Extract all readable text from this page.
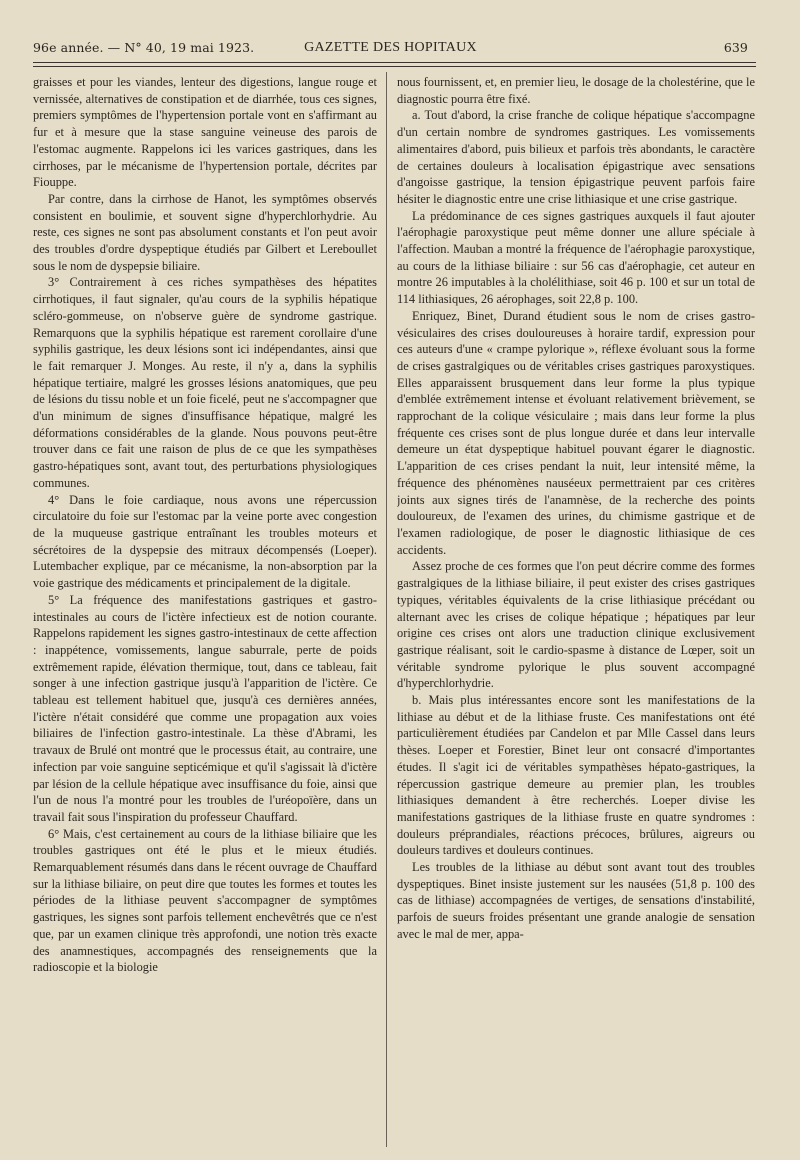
96e année. — N° 40, 19 mai 1923.	GAZETTE DES HOPITAUX	639

graisses et pour les viandes, lenteur des digestions, langue rouge et vernissée, alternatives de constipation et de diarrhée, tous ces signes, premiers symptômes de l'hypertension portale vont en s'affirmant au fur et à mesure que la stase sanguine veineuse des parois de l'estomac augmente. Rappelons ici les varices gastriques, dans les cirrhoses, par le mécanisme de l'hypertension portale, décrites par Fiouppe.

Par contre, dans la cirrhose de Hanot, les symptômes observés consistent en boulimie, et souvent signe d'hyperchlorhydrie. Au reste, ces signes ne sont pas absolument constants et l'on peut avoir des troubles d'ordre dyspeptique étudiés par Gilbert et Lereboullet sous le nom de dyspepsie biliaire.

3° Contrairement à ces riches sympathèses des hépatites cirrhotiques, il faut signaler, qu'au cours de la syphilis hépatique scléro-gommeuse, on n'observe guère de syndrome gastrique. Remarquons que la syphilis hépatique est rarement corollaire d'une syphilis gastrique, les deux lésions sont ici indépendantes, ainsi que le fait remarquer J. Monges. Au reste, il n'y a, dans la syphilis hépatique tertiaire, malgré les grosses lésions anatomiques, que peu de lésions du tissu noble et un foie ficelé, peut ne s'accompagner que d'un minimum de signes d'insuffisance hépatique, malgré les déformations considérables de la glande. Nous pouvons peut-être trouver dans ce fait une raison de plus de ce que les sympathèses gastro-hépatiques sont, avant tout, des perturbations physiologiques communes.

4° Dans le foie cardiaque, nous avons une répercussion circulatoire du foie sur l'estomac par la veine porte avec congestion de la muqueuse gastrique entraînant les troubles moteurs et sécrétoires de la dyspepsie des mitraux décompensés (Loeper). Lutembacher explique, par ce mécanisme, la non-absorption par la voie gastrique des médicaments et principalement de la digitale.

5° La fréquence des manifestations gastriques et gastro-intestinales au cours de l'ictère infectieux est de notion courante. Rappelons rapidement les signes gastro-intestinaux de cette affection : inappétence, vomissements, langue saburrale, perte de poids extrêmement rapide, élévation thermique, tout, dans ce tableau, fait songer à une infection gastrique jusqu'à l'apparition de l'ictère. Ce tableau est tellement habituel que, jusqu'à ces dernières années, l'ictère n'était considéré que comme une propagation aux voies biliaires de l'infection gastro-intestinale. La thèse d'Abrami, les travaux de Brulé ont montré que le processus était, au contraire, une infection par voie sanguine septicémique et qu'il s'agissait là d'ictère par lésion de la cellule hépatique avec insuffisance du foie, ainsi que l'un de nous l'a montré pour les troubles de l'uréopoïère, dans un travail fait sous l'inspiration du professeur Chauffard.

6° Mais, c'est certainement au cours de la lithiase biliaire que les troubles gastriques ont été le plus et le mieux étudiés. Remarquablement résumés dans dans le récent ouvrage de Chauffard sur la lithiase biliaire, on peut dire que toutes les formes et toutes les périodes de la lithiase peuvent s'accompagner de symptômes gastriques, les signes sont parfois tellement enchevêtrés que ce n'est que, par un examen clinique très approfondi, une notion très exacte des anamnestiques, accompagnés des renseignements que la radioscopie et la biologie

nous fournissent, et, en premier lieu, le dosage de la cholestérine, que le diagnostic pourra être fixé.

a. Tout d'abord, la crise franche de colique hépatique s'accompagne d'un certain nombre de syndromes gastriques. Les vomissements alimentaires d'abord, puis bilieux et parfois très abondants, le caractère de certaines douleurs à localisation épigastrique avec sensations d'angoisse gastrique, la tension épigastrique peuvent parfois faire hésiter le diagnostic entre une crise lithiasique et une crise gastrique.

La prédominance de ces signes gastriques auxquels il faut ajouter l'aérophagie paroxystique peut même donner une allure spéciale à l'affection. Mauban a montré la fréquence de l'aérophagie paroxystique, au cours de la lithiase biliaire : sur 56 cas d'aérophagie, cet auteur en montre 26 imputables à la cholélithiase, soit 46 p. 100 et sur un total de 114 lithiasiques, 26 aérophages, soit 22,8 p. 100.

Enriquez, Binet, Durand étudient sous le nom de crises gastro-vésiculaires des crises douloureuses à horaire tardif, expression pour ces auteurs d'une « crampe pylorique », réflexe évoluant sous la forme de crises gastralgiques ou de véritables crises gastriques paroxystiques. Elles apparaissent brusquement dans leur forme la plus typique d'emblée extrêmement intense et évoluant relativement brièvement, se rapprochant de la colique vésiculaire ; mais dans leur forme la plus fréquente ces crises sont de plus longue durée et dans leur intervalle demeure un état dyspeptique habituel pouvant égarer le diagnostic. L'apparition de ces crises pendant la nuit, leur intensité même, la fréquence des phénomènes nauséeux permettraient par ces critères joints aux signes tirés de l'anamnèse, de la recherche des points douloureux, de l'examen des urines, du chimisme gastrique et de l'examen radiologique, de poser le diagnostic lithiasique de ces accidents.

Assez proche de ces formes que l'on peut décrire comme des formes gastralgiques de la lithiase biliaire, il peut exister des crises gastriques typiques, véritables équivalents de la crise lithiasique précédant ou alternant avec les crises de colique hépatique ; hépatiques par leur origine ces crises ont alors une traduction clinique exclusivement gastrique réalisant, soit le cardio-spasme à distance de Lœper, soit un véritable syndrome pylorique le plus souvent accompagné d'hyperchlorhydrie.

b. Mais plus intéressantes encore sont les manifestations de la lithiase au début et de la lithiase fruste. Ces manifestations ont été particulièrement étudiées par Candelon et par Mlle Cassel dans leurs thèses. Loeper et Forestier, Binet leur ont consacré d'importantes études. Il s'agit ici de véritables sympathèses hépato-gastriques, la répercussion gastrique demeure au premier plan, les troubles lithiasiques demandent à être recherchés. Loeper divise les manifestations gastriques de la lithiase fruste en quatre syndromes : douleurs préprandiales, réactions précoces, brûlures, aigreurs ou douleurs tardives et douleurs continues.

Les troubles de la lithiase au début sont avant tout des troubles dyspeptiques. Binet insiste justement sur les nausées (51,8 p. 100 des cas de lithiase) accompagnées de vertiges, de sensations d'instabilité, parfois de sueurs froides présentant une grande analogie de sensation avec le mal de mer, appa-
